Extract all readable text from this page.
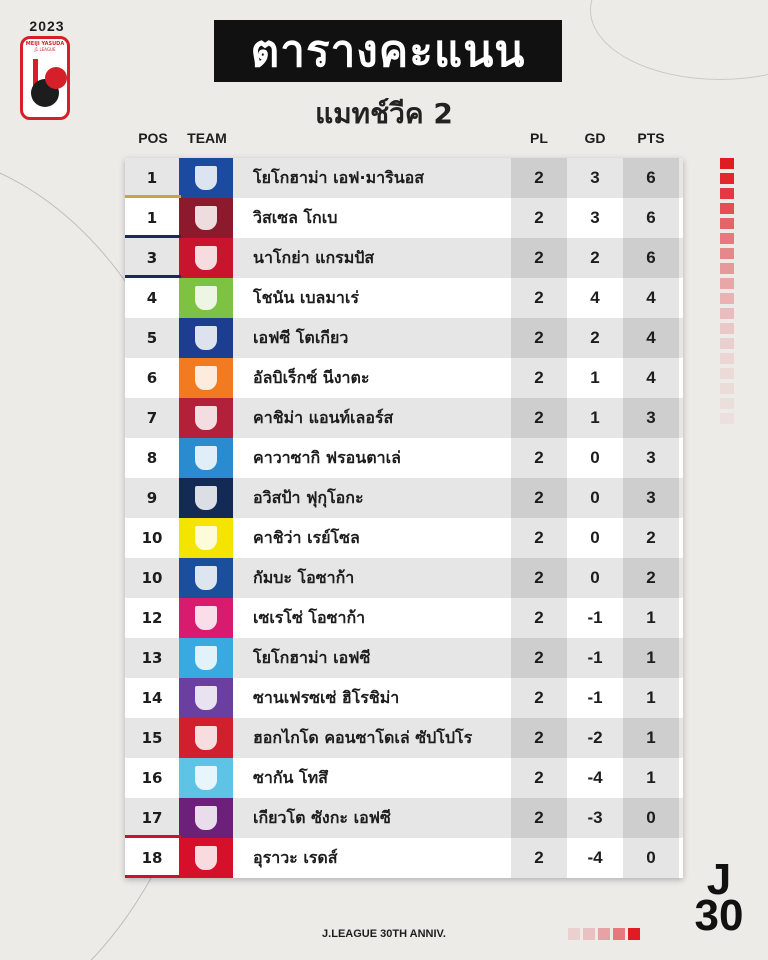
2023
MEIJI YASUDA
J1 LEAGUE	ตารางคะแนน
แมทช์วีค 2
POS	TEAM	PL	GD	PTS
1	โยโกฮาม่า เอฟ·มารินอส	2	3	6
1	วิสเซล โกเบ	2	3	6
3	นาโกย่า แกรมปัส	2	2	6
4	โชนัน เบลมาเร่	2	4	4
5	เอฟซี โตเกียว	2	2	4
6	อัลบิเร็กซ์ นีงาตะ	2	1	4
7	คาชิม่า แอนท์เลอร์ส	2	1	3
8	คาวาซากิ ฟรอนตาเล่	2	0	3
9	อวิสป้า ฟุกุโอกะ	2	0	3
10	คาชิว่า เรย์โซล	2	0	2
10	กัมบะ โอซาก้า	2	0	2
12	เซเรโซ่ โอซาก้า	2	-1	1
13	โยโกฮาม่า เอฟซี	2	-1	1
14	ซานเฟรซเซ่ ฮิโรชิม่า	2	-1	1
15	ฮอกไกโด คอนซาโดเล่ ซัปโปโร	2	-2	1
16	ซากัน โทสึ	2	-4	1
17	เกียวโต ซังกะ เอฟซี	2	-3	0
18	อุราวะ เรดส์	2	-4	0
J.LEAGUE 30TH ANNIV.
J
30
